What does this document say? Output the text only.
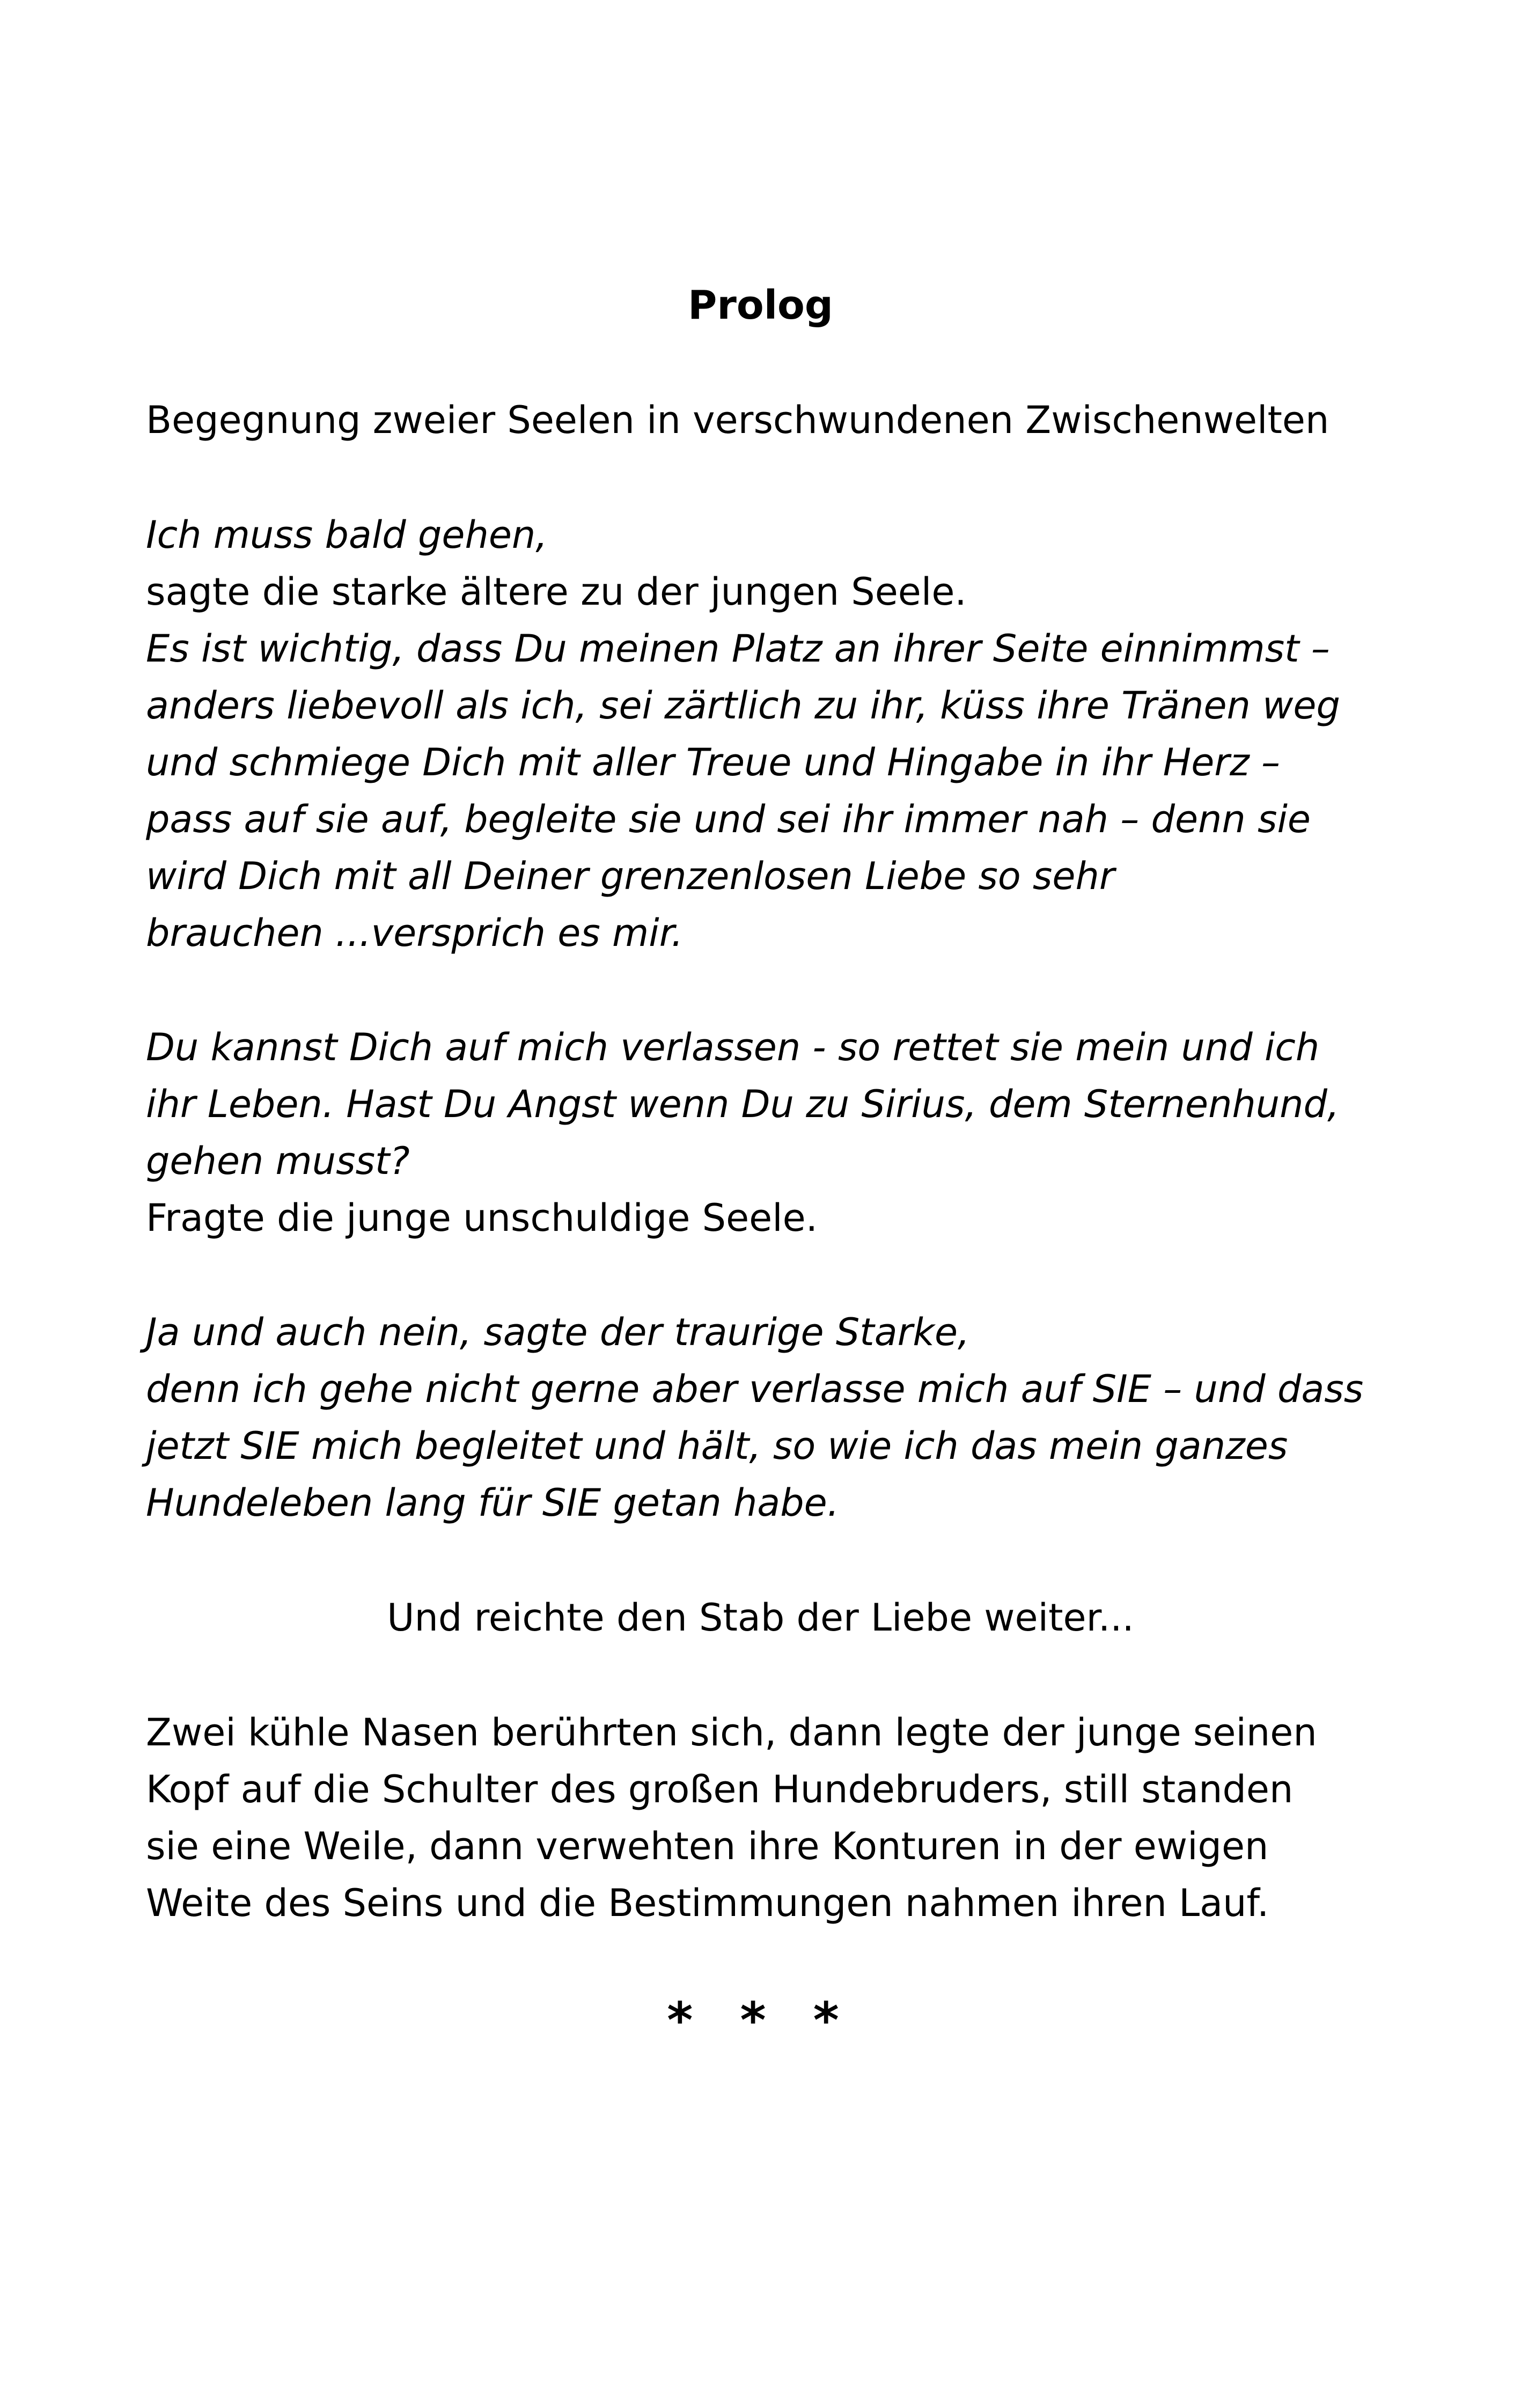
Prolog
Begegnung zweier Seelen in verschwundenen Zwischenwelten
Ich muss bald gehen,
sagte die starke ältere zu der jungen Seele.
Es ist wichtig, dass Du meinen Platz an ihrer Seite einnimmst –
anders liebevoll als ich, sei zärtlich zu ihr, küss ihre Tränen weg
und schmiege Dich mit aller Treue und Hingabe in ihr Herz –
pass auf sie auf, begleite sie und sei ihr immer nah – denn sie
wird Dich mit all Deiner grenzenlosen Liebe so sehr
brauchen ...versprich es mir.
Du kannst Dich auf mich verlassen - so rettet sie mein und ich
ihr Leben. Hast Du Angst wenn Du zu Sirius, dem Sternenhund,
gehen musst?
Fragte die junge unschuldige Seele.
Ja und auch nein, sagte der traurige Starke,
denn ich gehe nicht gerne aber verlasse mich auf SIE – und dass
jetzt SIE mich begleitet und hält, so wie ich das mein ganzes
Hundeleben lang für SIE getan habe.
Und reichte den Stab der Liebe weiter...
Zwei kühle Nasen berührten sich, dann legte der junge seinen
Kopf auf die Schulter des großen Hundebruders, still standen
sie eine Weile, dann verwehten ihre Konturen in der ewigen
Weite des Seins und die Bestimmungen nahmen ihren Lauf.
* * *
